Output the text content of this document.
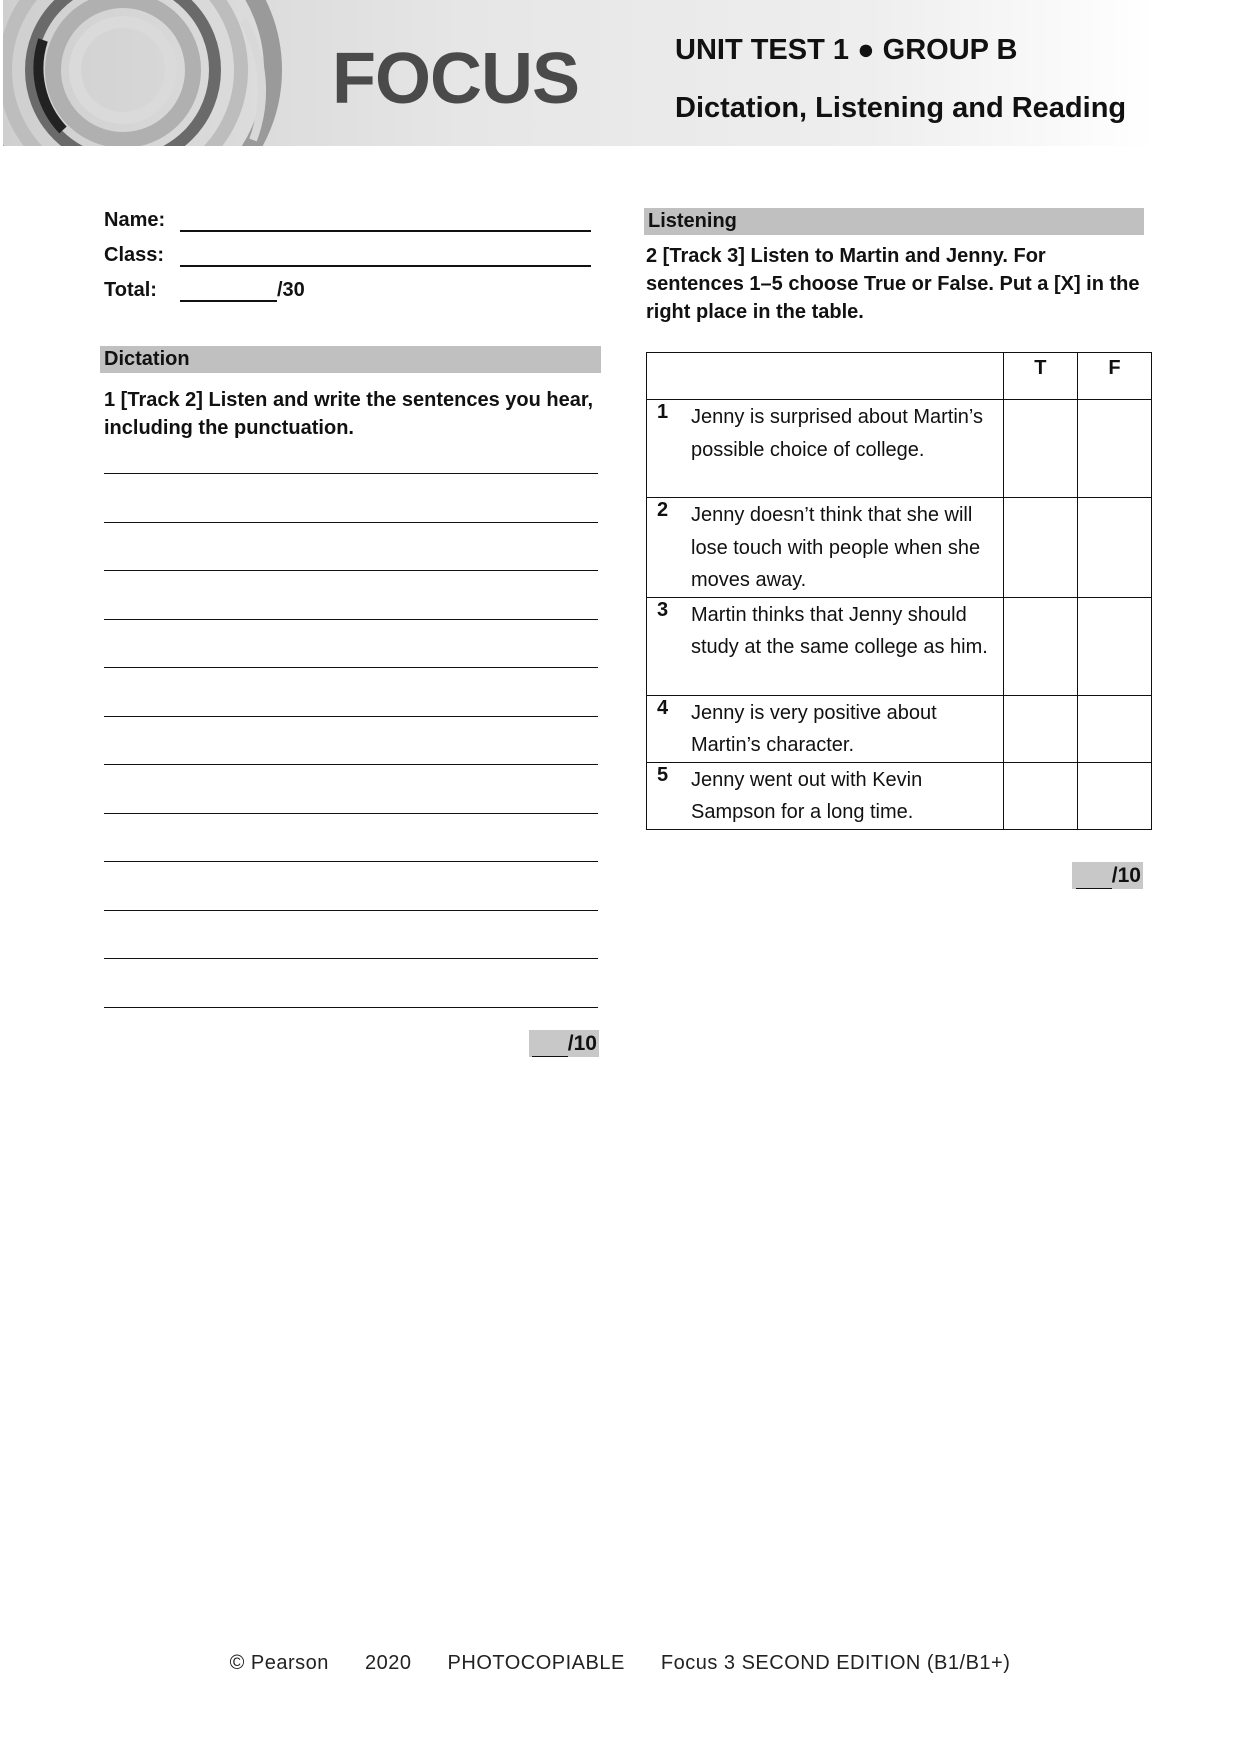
FOCUS	UNIT TEST 1 ● GROUP B
Dictation, Listening and Reading
Name:
Class:
Total:	/30
Dictation
1 [Track 2] Listen and write the sentences you hear, including the punctuation.
/10
Listening
2 [Track 3] Listen to Martin and Jenny. For sentences 1–5 choose True or False. Put a [X] in the right place in the table.
	T	F

1 Jenny is surprised about Martin’s possible choice of college.		

2 Jenny doesn’t think that she will lose touch with people when she moves away.		

3 Martin thinks that Jenny should study at the same college as him.		

4 Jenny is very positive about Martin’s character.		

5 Jenny went out with Kevin Sampson for a long time.		

/10
© Pearson 2020 PHOTOCOPIABLE Focus 3 SECOND EDITION (B1/B1+)
